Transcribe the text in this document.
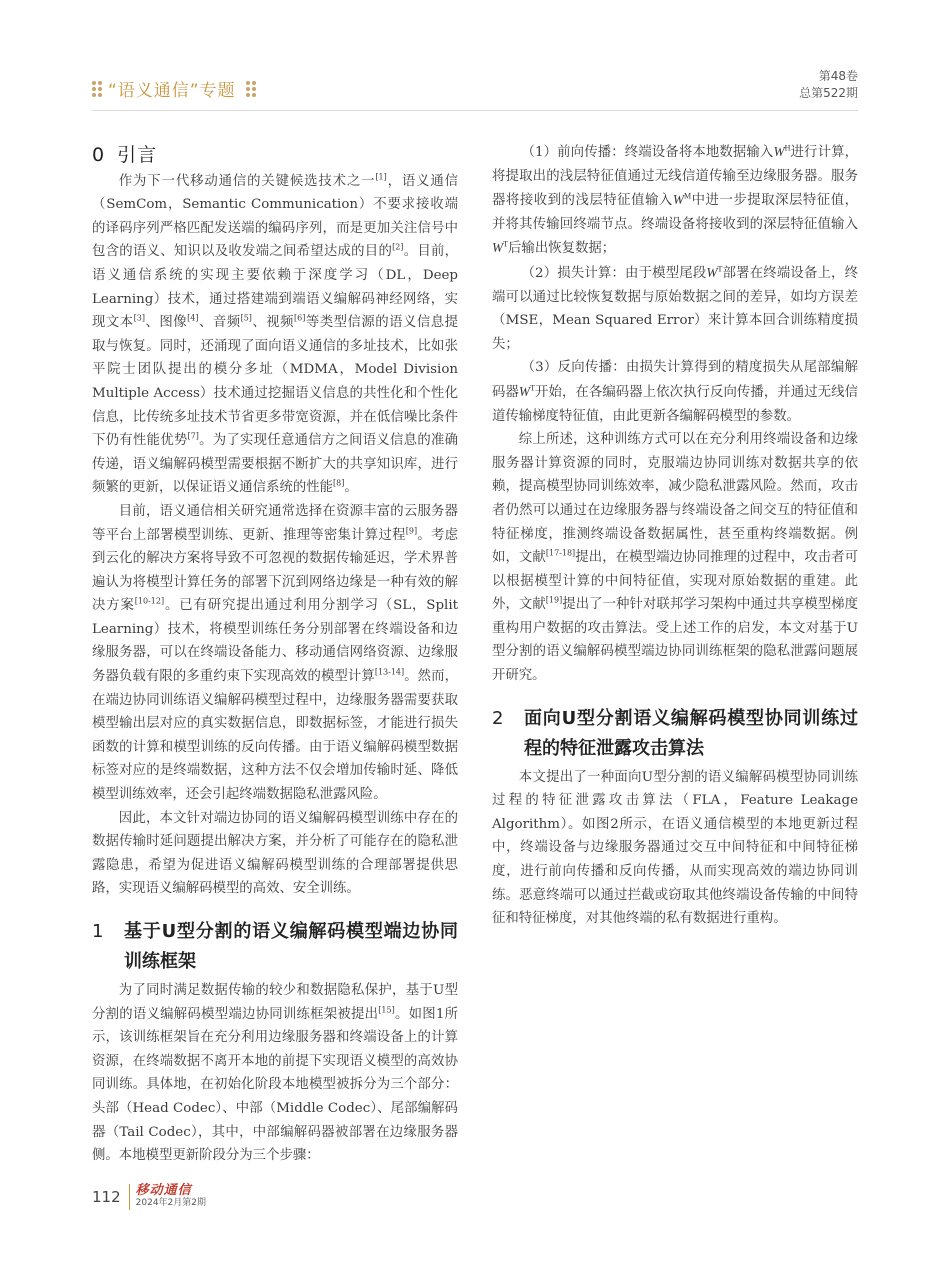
“语义通信”专题
第48卷
总第522期
0 引言

作为下一代移动通信的关键候选技术之一[1]，语义通信（SemCom，Semantic Communication）不要求接收端的译码序列严格匹配发送端的编码序列，而是更加关注信号中包含的语义、知识以及收发端之间希望达成的目的[2]。目前，语义通信系统的实现主要依赖于深度学习（DL，Deep Learning）技术，通过搭建端到端语义编解码神经网络，实现文本[3]、图像[4]、音频[5]、视频[6]等类型信源的语义信息提取与恢复。同时，还涌现了面向语义通信的多址技术，比如张平院士团队提出的模分多址（MDMA，Model Division Multiple Access）技术通过挖掘语义信息的共性化和个性化信息，比传统多址技术节省更多带宽资源，并在低信噪比条件下仍有性能优势[7]。为了实现任意通信方之间语义信息的准确传递，语义编解码模型需要根据不断扩大的共享知识库，进行频繁的更新，以保证语义通信系统的性能[8]。

目前，语义通信相关研究通常选择在资源丰富的云服务器等平台上部署模型训练、更新、推理等密集计算过程[9]。考虑到云化的解决方案将导致不可忽视的数据传输延迟，学术界普遍认为将模型计算任务的部署下沉到网络边缘是一种有效的解决方案[10-12]。已有研究提出通过利用分割学习（SL，Split Learning）技术，将模型训练任务分别部署在终端设备和边缘服务器，可以在终端设备能力、移动通信网络资源、边缘服务器负载有限的多重约束下实现高效的模型计算[13-14]。然而，在端边协同训练语义编解码模型过程中，边缘服务器需要获取模型输出层对应的真实数据信息，即数据标签，才能进行损失函数的计算和模型训练的反向传播。由于语义编解码模型数据标签对应的是终端数据，这种方法不仅会增加传输时延、降低模型训练效率，还会引起终端数据隐私泄露风险。

因此，本文针对端边协同的语义编解码模型训练中存在的数据传输时延问题提出解决方案，并分析了可能存在的隐私泄露隐患，希望为促进语义编解码模型训练的合理部署提供思路，实现语义编解码模型的高效、安全训练。

1	基于U型分割的语义编解码模型端边协同训练框架

为了同时满足数据传输的较少和数据隐私保护，基于U型分割的语义编解码模型端边协同训练框架被提出[15]。如图1所示，该训练框架旨在充分利用边缘服务器和终端设备上的计算资源，在终端数据不离开本地的前提下实现语义模型的高效协同训练。具体地，在初始化阶段本地模型被拆分为三个部分：头部（Head Codec）、中部（Middle Codec）、尾部编解码器（Tail Codec），其中，中部编解码器被部署在边缘服务器侧。本地模型更新阶段分为三个步骤：

（1）前向传播：终端设备将本地数据输入$W^H$进行计算，将提取出的浅层特征值通过无线信道传输至边缘服务器。服务器将接收到的浅层特征值输入$W^M$中进一步提取深层特征值，并将其传输回终端节点。终端设备将接收到的深层特征值输入$W^T$后输出恢复数据；

（2）损失计算：由于模型尾段$W^T$部署在终端设备上，终端可以通过比较恢复数据与原始数据之间的差异，如均方误差（MSE，Mean Squared Error）来计算本回合训练精度损失；

（3）反向传播：由损失计算得到的精度损失从尾部编解码器$W^T$开始，在各编码器上依次执行反向传播，并通过无线信道传输梯度特征值，由此更新各编解码模型的参数。

综上所述，这种训练方式可以在充分利用终端设备和边缘服务器计算资源的同时，克服端边协同训练对数据共享的依赖，提高模型协同训练效率，减少隐私泄露风险。然而，攻击者仍然可以通过在边缘服务器与终端设备之间交互的特征值和特征梯度，推测终端设备数据属性，甚至重构终端数据。例如，文献[17-18]提出，在模型端边协同推理的过程中，攻击者可以根据模型计算的中间特征值，实现对原始数据的重建。此外，文献[19]提出了一种针对联邦学习架构中通过共享模型梯度重构用户数据的攻击算法。受上述工作的启发，本文对基于U型分割的语义编解码模型端边协同训练框架的隐私泄露问题展开研究。

2	面向U型分割语义编解码模型协同训练过程的特征泄露攻击算法

本文提出了一种面向U型分割的语义编解码模型协同训练过程的特征泄露攻击算法（FLA，Feature Leakage Algorithm）。如图2所示，在语义通信模型的本地更新过程中，终端设备与边缘服务器通过交互中间特征和中间特征梯度，进行前向传播和反向传播，从而实现高效的端边协同训练。恶意终端可以通过拦截或窃取其他终端设备传输的中间特征和特征梯度，对其他终端的私有数据进行重构。

112 移动通信
2024年2月第2期
